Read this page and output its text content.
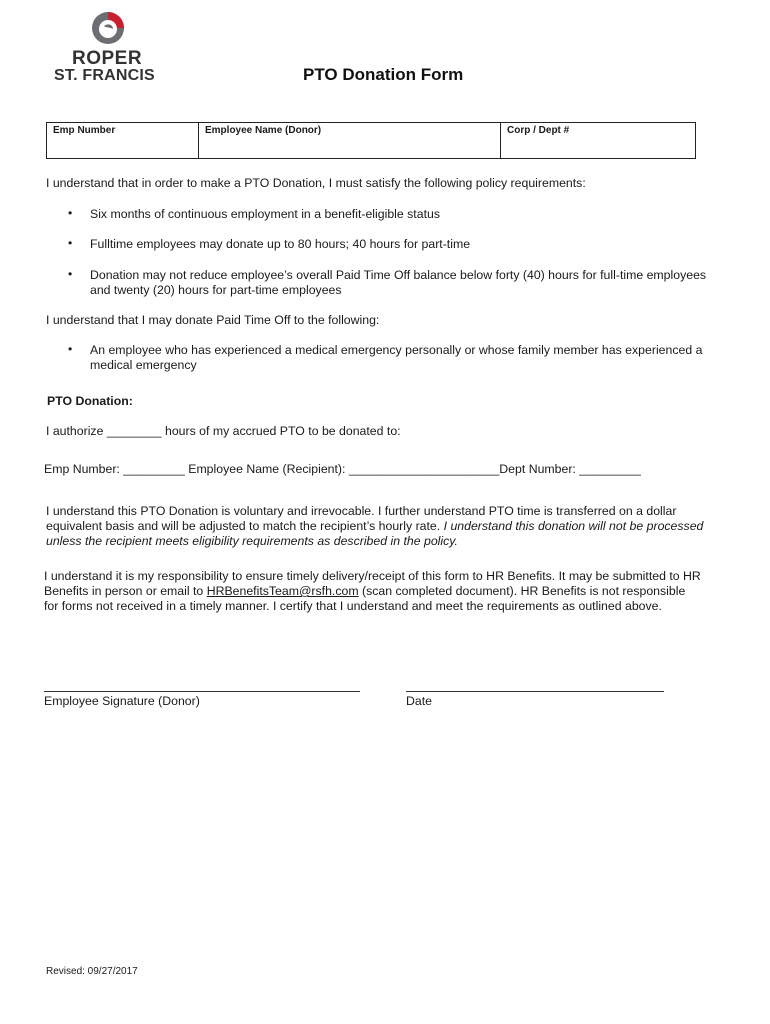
ROPER
ST. FRANCIS	PTO Donation Form
Emp Number	Employee Name (Donor)	Corp / Dept #
I understand that in order to make a PTO Donation, I must satisfy the following policy requirements:
• Six months of continuous employment in a benefit-eligible status
• Fulltime employees may donate up to 80 hours; 40 hours for part-time
• Donation may not reduce employee’s overall Paid Time Off balance below forty (40) hours for full-time employees
and twenty (20) hours for part-time employees
I understand that I may donate Paid Time Off to the following:
• An employee who has experienced a medical emergency personally or whose family member has experienced a
medical emergency
PTO Donation:
I authorize ________ hours of my accrued PTO to be donated to:
Emp Number: _________ Employee Name (Recipient): ______________________Dept Number: _________
I understand this PTO Donation is voluntary and irrevocable. I further understand PTO time is transferred on a dollar
equivalent basis and will be adjusted to match the recipient’s hourly rate. I understand this donation will not be processed
unless the recipient meets eligibility requirements as described in the policy.
I understand it is my responsibility to ensure timely delivery/receipt of this form to HR Benefits. It may be submitted to HR
Benefits in person or email to HRBenefitsTeam@rsfh.com (scan completed document). HR Benefits is not responsible
for forms not received in a timely manner. I certify that I understand and meet the requirements as outlined above.
Employee Signature (Donor)	Date
Revised: 09/27/2017
